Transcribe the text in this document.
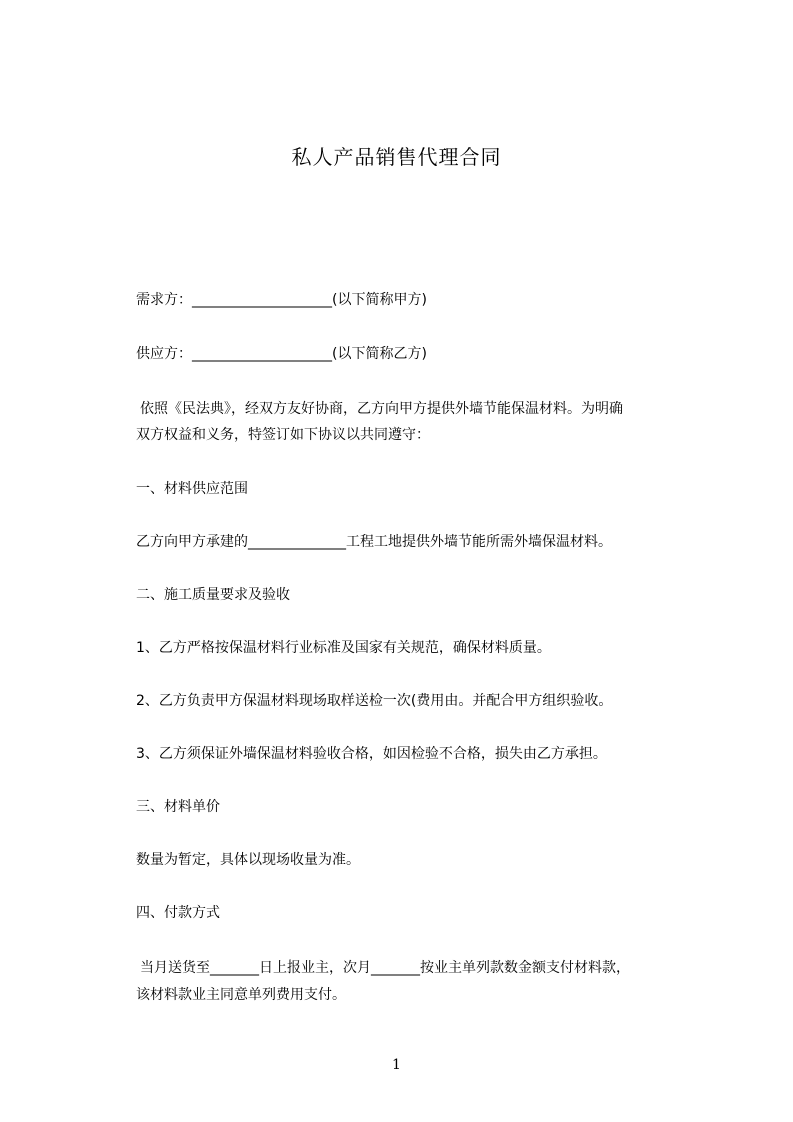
私人产品销售代理合同
需求方：____________________(以下简称甲方)
供应方：____________________(以下简称乙方)
依照《民法典》，经双方友好协商，乙方向甲方提供外墙节能保温材料。为明确
双方权益和义务，特签订如下协议以共同遵守：
一、材料供应范围
乙方向甲方承建的______________工程工地提供外墙节能所需外墙保温材料。
二、施工质量要求及验收
1、乙方严格按保温材料行业标准及国家有关规范，确保材料质量。
2、乙方负责甲方保温材料现场取样送检一次(费用由。并配合甲方组织验收。
3、乙方须保证外墙保温材料验收合格，如因检验不合格，损失由乙方承担。
三、材料单价
数量为暂定，具体以现场收量为准。
四、付款方式
当月送货至_______日上报业主，次月_______按业主单列款数金额支付材料款，
该材料款业主同意单列费用支付。
1
